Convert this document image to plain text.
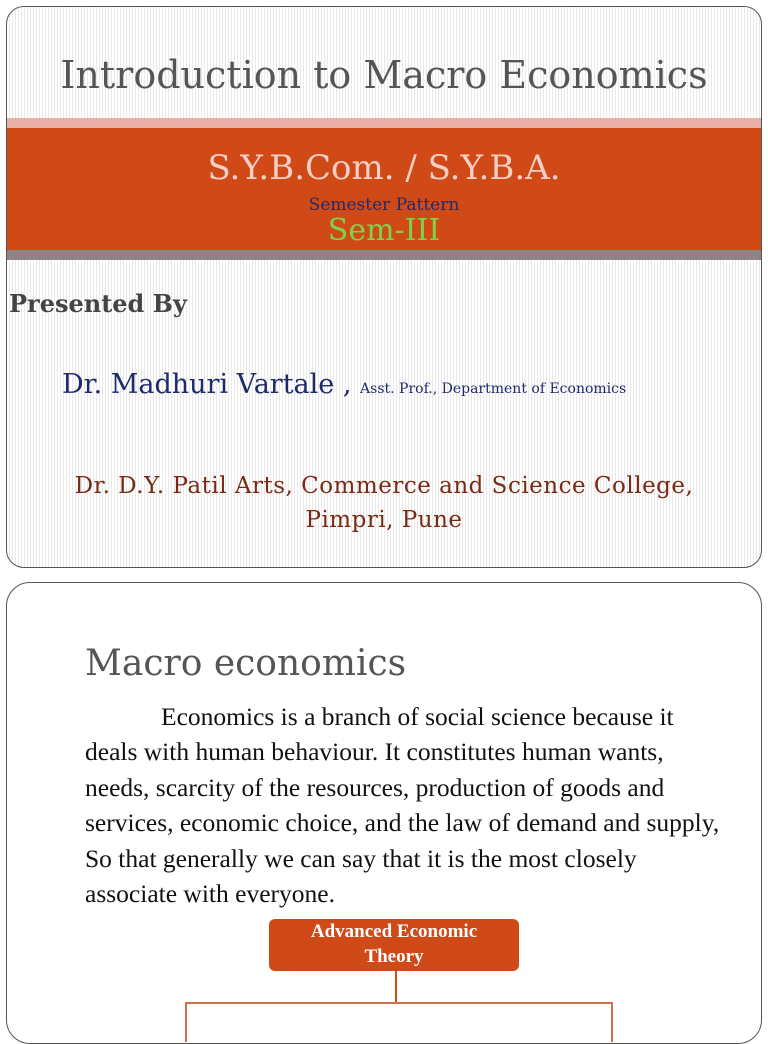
Introduction to Macro Economics
S.Y.B.Com. / S.Y.B.A.
Semester Pattern
Sem-III
Presented By
Dr. Madhuri Vartale , Asst. Prof., Department of Economics
Dr. D.Y. Patil Arts, Commerce and Science College,
Pimpri, Pune
Macro economics
Economics is a branch of social science because it deals with human behaviour. It constitutes human wants, needs, scarcity of the resources, production of goods and services, economic choice, and the law of demand and supply, So that generally we can say that it is the most closely associate with everyone.
Advanced Economic Theory
